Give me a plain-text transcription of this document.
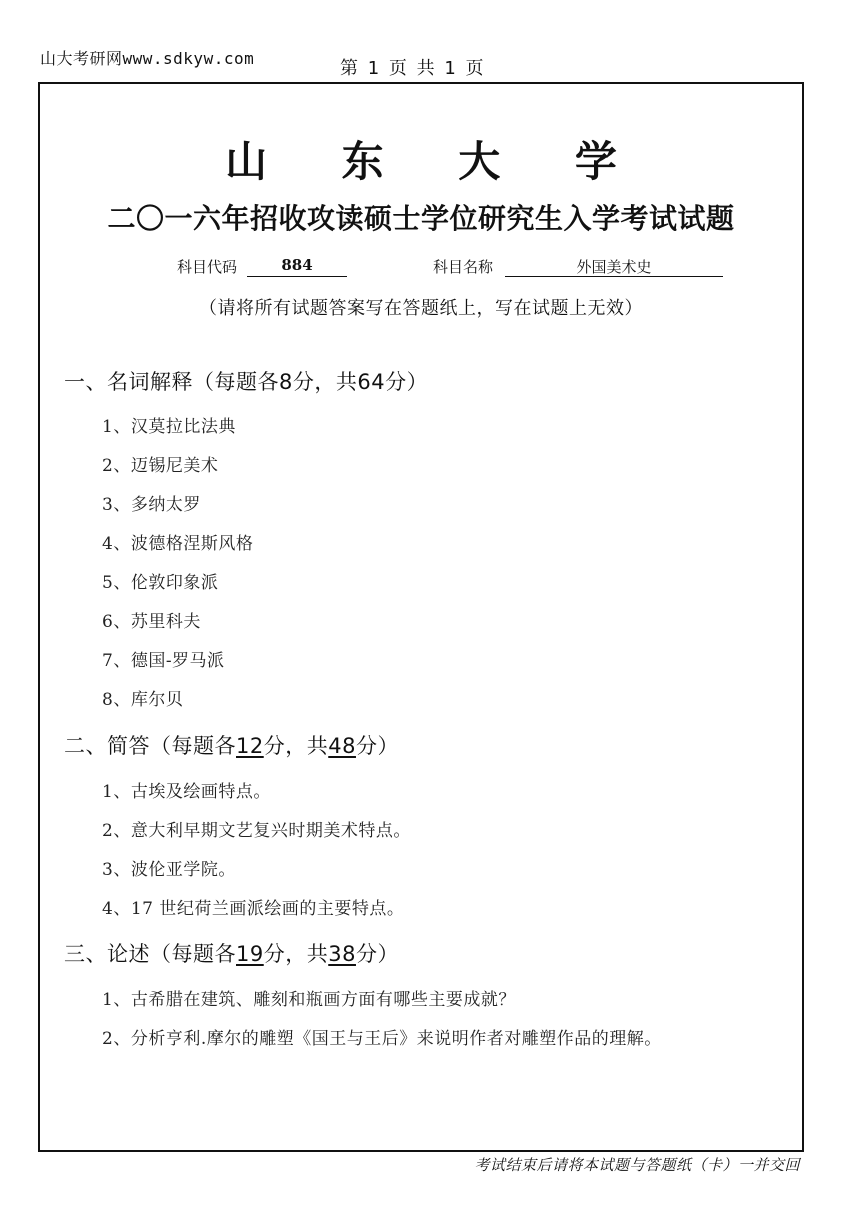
山大考研网www.sdkyw.com	第 1 页 共 1 页
山 东 大 学
二〇一六年招收攻读硕士学位研究生入学考试试题
科目代码	884	科目名称	外国美术史
（请将所有试题答案写在答题纸上，写在试题上无效）
一、名词解释（每题各8分，共64分）
1、汉莫拉比法典
2、迈锡尼美术
3、多纳太罗
4、波德格涅斯风格
5、伦敦印象派
6、苏里科夫
7、德国-罗马派
8、库尔贝
二、简答（每题各12分，共48分）
1、古埃及绘画特点。
2、意大利早期文艺复兴时期美术特点。
3、波伦亚学院。
4、17 世纪荷兰画派绘画的主要特点。
三、论述（每题各19分，共38分）
1、古希腊在建筑、雕刻和瓶画方面有哪些主要成就？
2、分析亨利.摩尔的雕塑《国王与王后》来说明作者对雕塑作品的理解。
考试结束后请将本试题与答题纸（卡）一并交回
